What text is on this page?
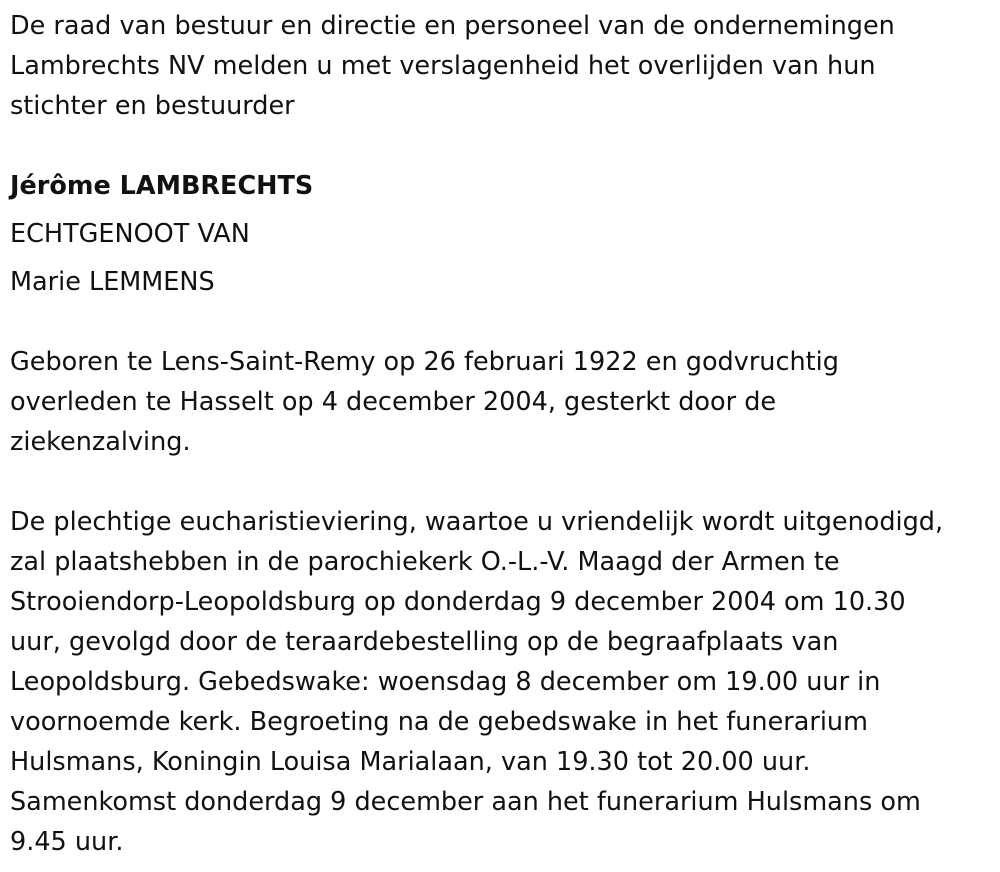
De raad van bestuur en directie en personeel van de ondernemingen
Lambrechts NV melden u met verslagenheid het overlijden van hun
stichter en bestuurder

Jérôme LAMBRECHTS

ECHTGENOOT VAN

Marie LEMMENS

Geboren te Lens-Saint-Remy op 26 februari 1922 en godvruchtig
overleden te Hasselt op 4 december 2004, gesterkt door de
ziekenzalving.

De plechtige eucharistieviering, waartoe u vriendelijk wordt uitgenodigd,
zal plaatshebben in de parochiekerk O.-L.-V. Maagd der Armen te
Strooiendorp-Leopoldsburg op donderdag 9 december 2004 om 10.30
uur, gevolgd door de teraardebestelling op de begraafplaats van
Leopoldsburg. Gebedswake: woensdag 8 december om 19.00 uur in
voornoemde kerk. Begroeting na de gebedswake in het funerarium
Hulsmans, Koningin Louisa Marialaan, van 19.30 tot 20.00 uur.
Samenkomst donderdag 9 december aan het funerarium Hulsmans om
9.45 uur.
